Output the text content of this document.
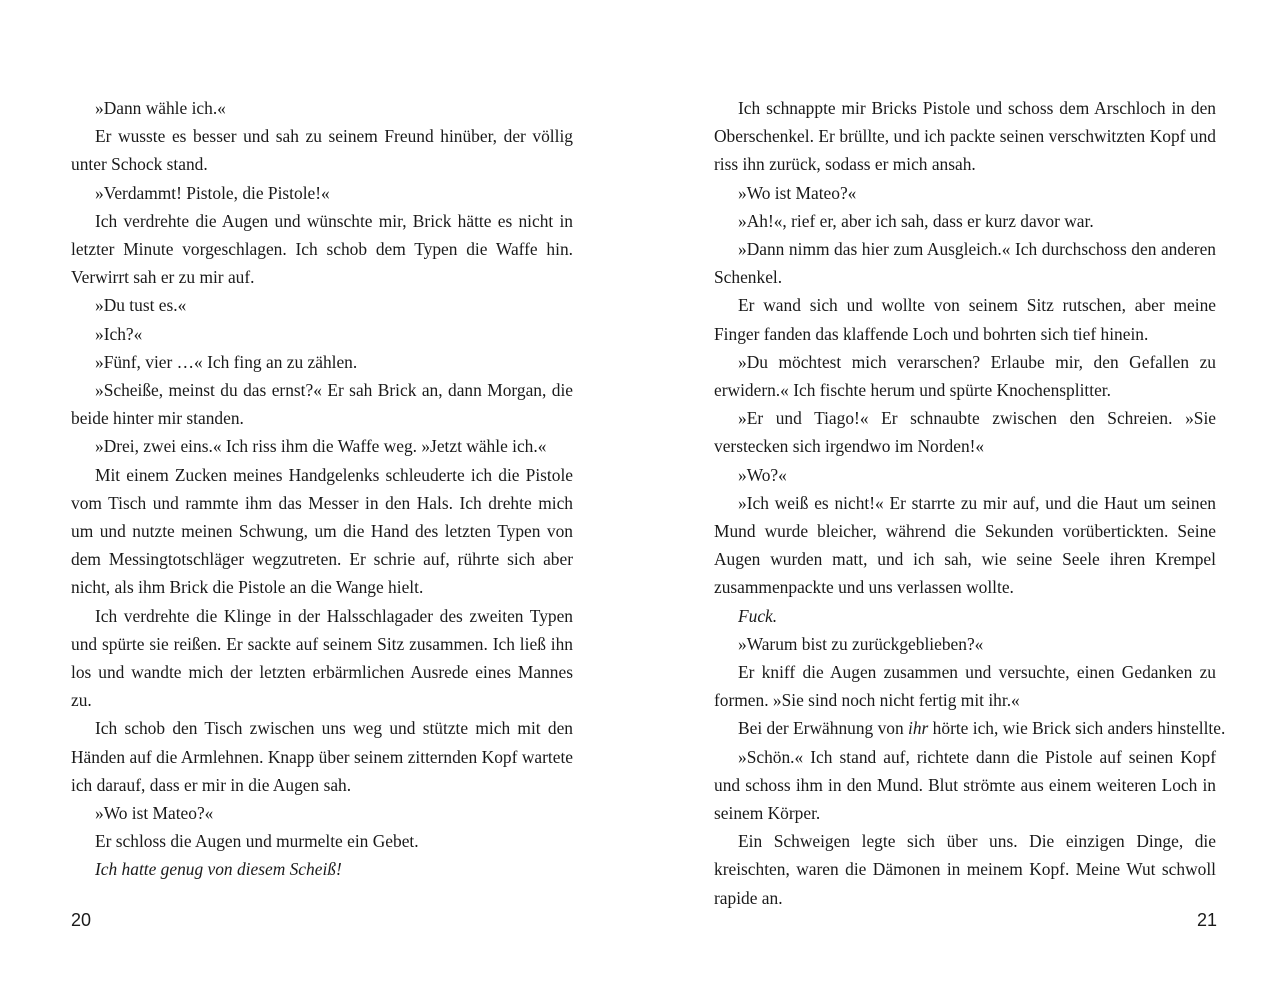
»Dann wähle ich.«

Er wusste es besser und sah zu seinem Freund hinüber, der völlig unter Schock stand.

»Verdammt! Pistole, die Pistole!«

Ich verdrehte die Augen und wünschte mir, Brick hätte es nicht in letzter Minute vorgeschlagen. Ich schob dem Typen die Waffe hin. Verwirrt sah er zu mir auf.

»Du tust es.«

»Ich?«

»Fünf, vier …« Ich fing an zu zählen.

»Scheiße, meinst du das ernst?« Er sah Brick an, dann Morgan, die beide hinter mir standen.

»Drei, zwei eins.« Ich riss ihm die Waffe weg. »Jetzt wähle ich.«

Mit einem Zucken meines Handgelenks schleuderte ich die Pistole vom Tisch und rammte ihm das Messer in den Hals. Ich drehte mich um und nutzte meinen Schwung, um die Hand des letzten Typen von dem Messingtotschläger wegzutreten. Er schrie auf, rührte sich aber nicht, als ihm Brick die Pistole an die Wange hielt.

Ich verdrehte die Klinge in der Halsschlagader des zweiten Typen und spürte sie reißen. Er sackte auf seinem Sitz zusammen. Ich ließ ihn los und wandte mich der letzten erbärmlichen Ausrede eines Mannes zu.

Ich schob den Tisch zwischen uns weg und stützte mich mit den Händen auf die Armlehnen. Knapp über seinem zitternden Kopf wartete ich darauf, dass er mir in die Augen sah.

»Wo ist Mateo?«

Er schloss die Augen und murmelte ein Gebet.

Ich hatte genug von diesem Scheiß!

Ich schnappte mir Bricks Pistole und schoss dem Arschloch in den Oberschenkel. Er brüllte, und ich packte seinen verschwitzten Kopf und riss ihn zurück, sodass er mich ansah.

»Wo ist Mateo?«

»Ah!«, rief er, aber ich sah, dass er kurz davor war.

»Dann nimm das hier zum Ausgleich.« Ich durchschoss den anderen Schenkel.

Er wand sich und wollte von seinem Sitz rutschen, aber meine Finger fanden das klaffende Loch und bohrten sich tief hinein.

»Du möchtest mich verarschen? Erlaube mir, den Gefallen zu erwidern.« Ich fischte herum und spürte Knochensplitter.

»Er und Tiago!« Er schnaubte zwischen den Schreien. »Sie verstecken sich irgendwo im Norden!«

»Wo?«

»Ich weiß es nicht!« Er starrte zu mir auf, und die Haut um seinen Mund wurde bleicher, während die Sekunden vorübertickten. Seine Augen wurden matt, und ich sah, wie seine Seele ihren Krempel zusammenpackte und uns verlassen wollte.

Fuck.

»Warum bist zu zurückgeblieben?«

Er kniff die Augen zusammen und versuchte, einen Gedanken zu formen. »Sie sind noch nicht fertig mit ihr.«

Bei der Erwähnung von ihr hörte ich, wie Brick sich anders hinstellte.

»Schön.« Ich stand auf, richtete dann die Pistole auf seinen Kopf und schoss ihm in den Mund. Blut strömte aus einem weiteren Loch in seinem Körper.

Ein Schweigen legte sich über uns. Die einzigen Dinge, die kreischten, waren die Dämonen in meinem Kopf. Meine Wut schwoll rapide an.

20	21
